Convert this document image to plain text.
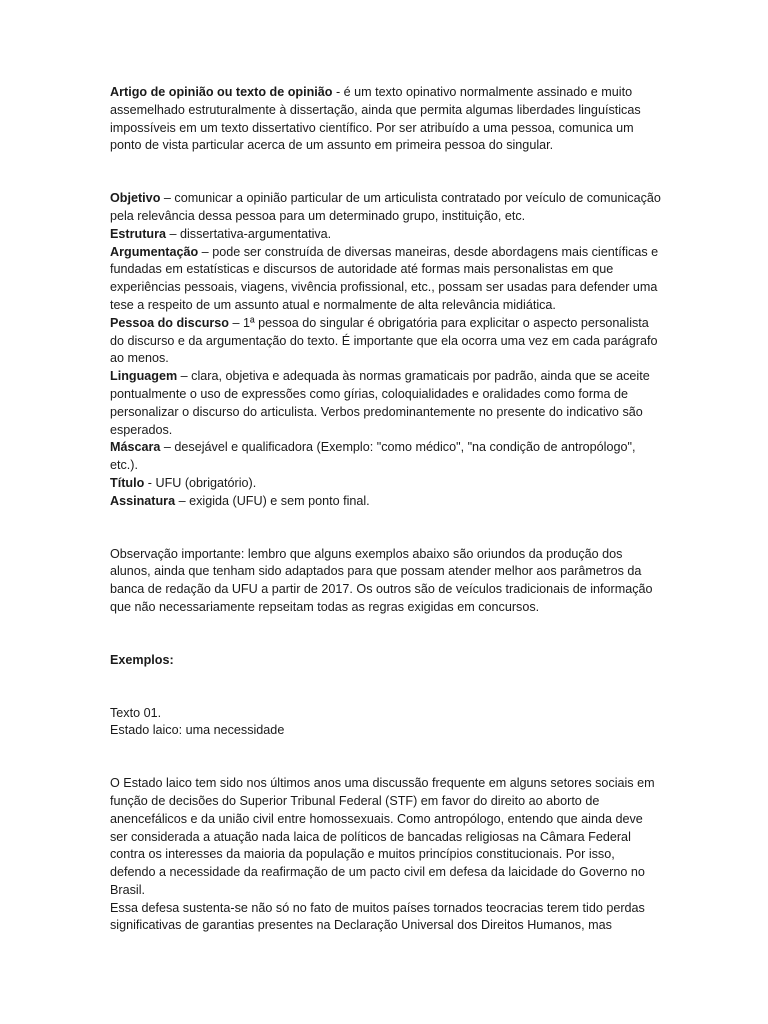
Artigo de opinião ou texto de opinião - é um texto opinativo normalmente assinado e muito assemelhado estruturalmente à dissertação, ainda que permita algumas liberdades linguísticas impossíveis em um texto dissertativo científico. Por ser atribuído a uma pessoa, comunica um ponto de vista particular acerca de um assunto em primeira pessoa do singular.

Objetivo – comunicar a opinião particular de um articulista contratado por veículo de comunicação pela relevância dessa pessoa para um determinado grupo, instituição, etc.

Estrutura – dissertativa-argumentativa.

Argumentação – pode ser construída de diversas maneiras, desde abordagens mais científicas e fundadas em estatísticas e discursos de autoridade até formas mais personalistas em que experiências pessoais, viagens, vivência profissional, etc., possam ser usadas para defender uma tese a respeito de um assunto atual e normalmente de alta relevância midiática.

Pessoa do discurso – 1ª pessoa do singular é obrigatória para explicitar o aspecto personalista do discurso e da argumentação do texto. É importante que ela ocorra uma vez em cada parágrafo ao menos.

Linguagem – clara, objetiva e adequada às normas gramaticais por padrão, ainda que se aceite pontualmente o uso de expressões como gírias, coloquialidades e oralidades como forma de personalizar o discurso do articulista. Verbos predominantemente no presente do indicativo são esperados.

Máscara – desejável e qualificadora (Exemplo: "como médico", "na condição de antropólogo", etc.).

Título - UFU (obrigatório).

Assinatura – exigida (UFU) e sem ponto final.

Observação importante: lembro que alguns exemplos abaixo são oriundos da produção dos alunos, ainda que tenham sido adaptados para que possam atender melhor aos parâmetros da banca de redação da UFU a partir de 2017. Os outros são de veículos tradicionais de informação que não necessariamente repseitam todas as regras exigidas em concursos.

Exemplos:

Texto 01.

Estado laico: uma necessidade

O Estado laico tem sido nos últimos anos uma discussão frequente em alguns setores sociais em função de decisões do Superior Tribunal Federal (STF) em favor do direito ao aborto de anencefálicos e da união civil entre homossexuais. Como antropólogo, entendo que ainda deve ser considerada a atuação nada laica de políticos de bancadas religiosas na Câmara Federal contra os interesses da maioria da população e muitos princípios constitucionais. Por isso, defendo a necessidade da reafirmação de um pacto civil em defesa da laicidade do Governo no Brasil.

Essa defesa sustenta-se não só no fato de muitos países tornados teocracias terem tido perdas significativas de garantias presentes na Declaração Universal dos Direitos Humanos, mas
